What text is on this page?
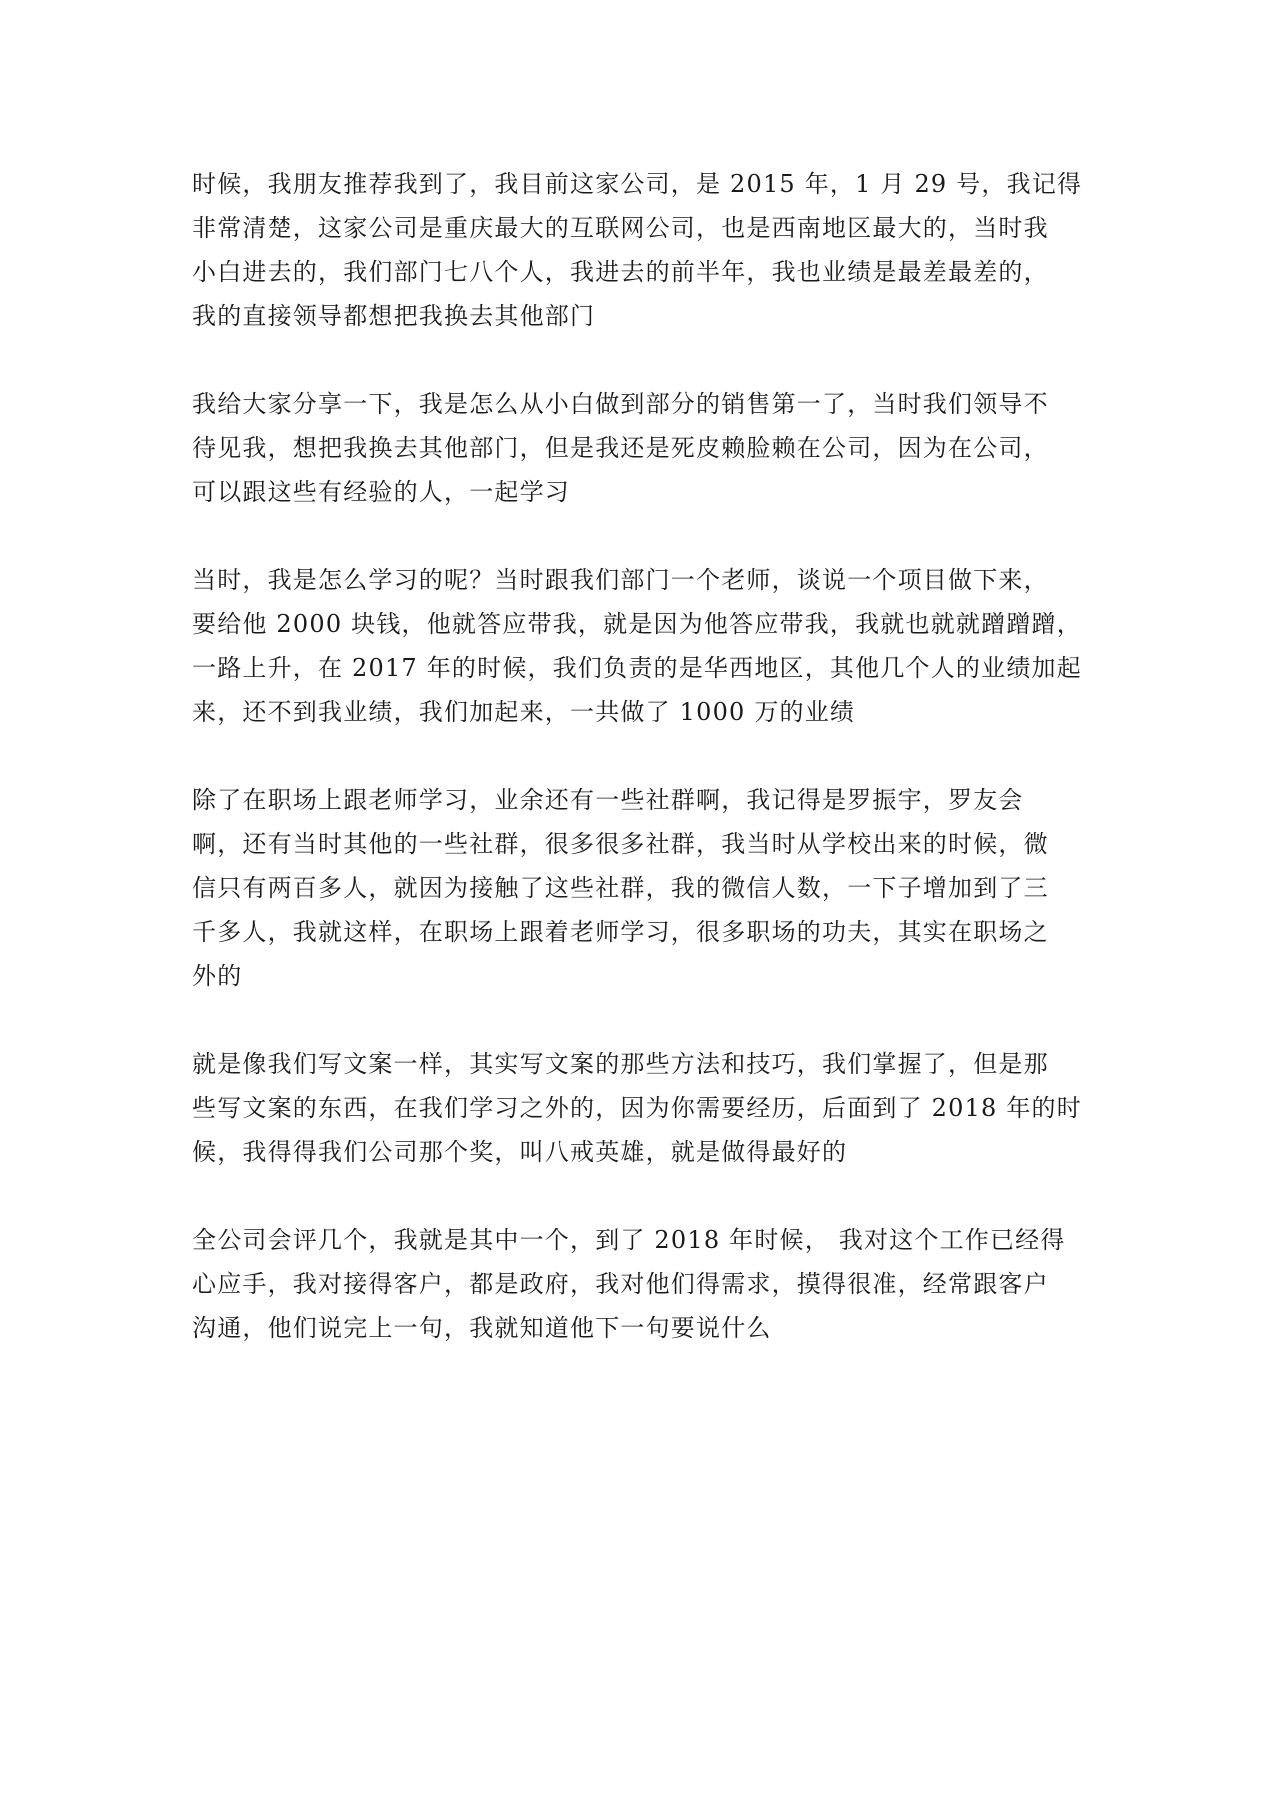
时候，我朋友推荐我到了，我目前这家公司，是 2015 年，1 月 29 号，我记得
非常清楚，这家公司是重庆最大的互联网公司，也是西南地区最大的，当时我
小白进去的，我们部门七八个人，我进去的前半年，我也业绩是最差最差的，
我的直接领导都想把我换去其他部门
我给大家分享一下，我是怎么从小白做到部分的销售第一了，当时我们领导不
待见我，想把我换去其他部门，但是我还是死皮赖脸赖在公司，因为在公司，
可以跟这些有经验的人，一起学习
当时，我是怎么学习的呢？当时跟我们部门一个老师，谈说一个项目做下来，
要给他 2000 块钱，他就答应带我，就是因为他答应带我，我就也就就蹭蹭蹭，
一路上升，在 2017 年的时候，我们负责的是华西地区，其他几个人的业绩加起
来，还不到我业绩，我们加起来，一共做了 1000 万的业绩
除了在职场上跟老师学习，业余还有一些社群啊，我记得是罗振宇，罗友会
啊，还有当时其他的一些社群，很多很多社群，我当时从学校出来的时候，微
信只有两百多人，就因为接触了这些社群，我的微信人数，一下子增加到了三
千多人，我就这样，在职场上跟着老师学习，很多职场的功夫，其实在职场之
外的
就是像我们写文案一样，其实写文案的那些方法和技巧，我们掌握了，但是那
些写文案的东西，在我们学习之外的，因为你需要经历，后面到了 2018 年的时
候，我得得我们公司那个奖，叫八戒英雄，就是做得最好的
全公司会评几个，我就是其中一个，到了 2018 年时候， 我对这个工作已经得
心应手，我对接得客户，都是政府，我对他们得需求，摸得很准，经常跟客户
沟通，他们说完上一句，我就知道他下一句要说什么
